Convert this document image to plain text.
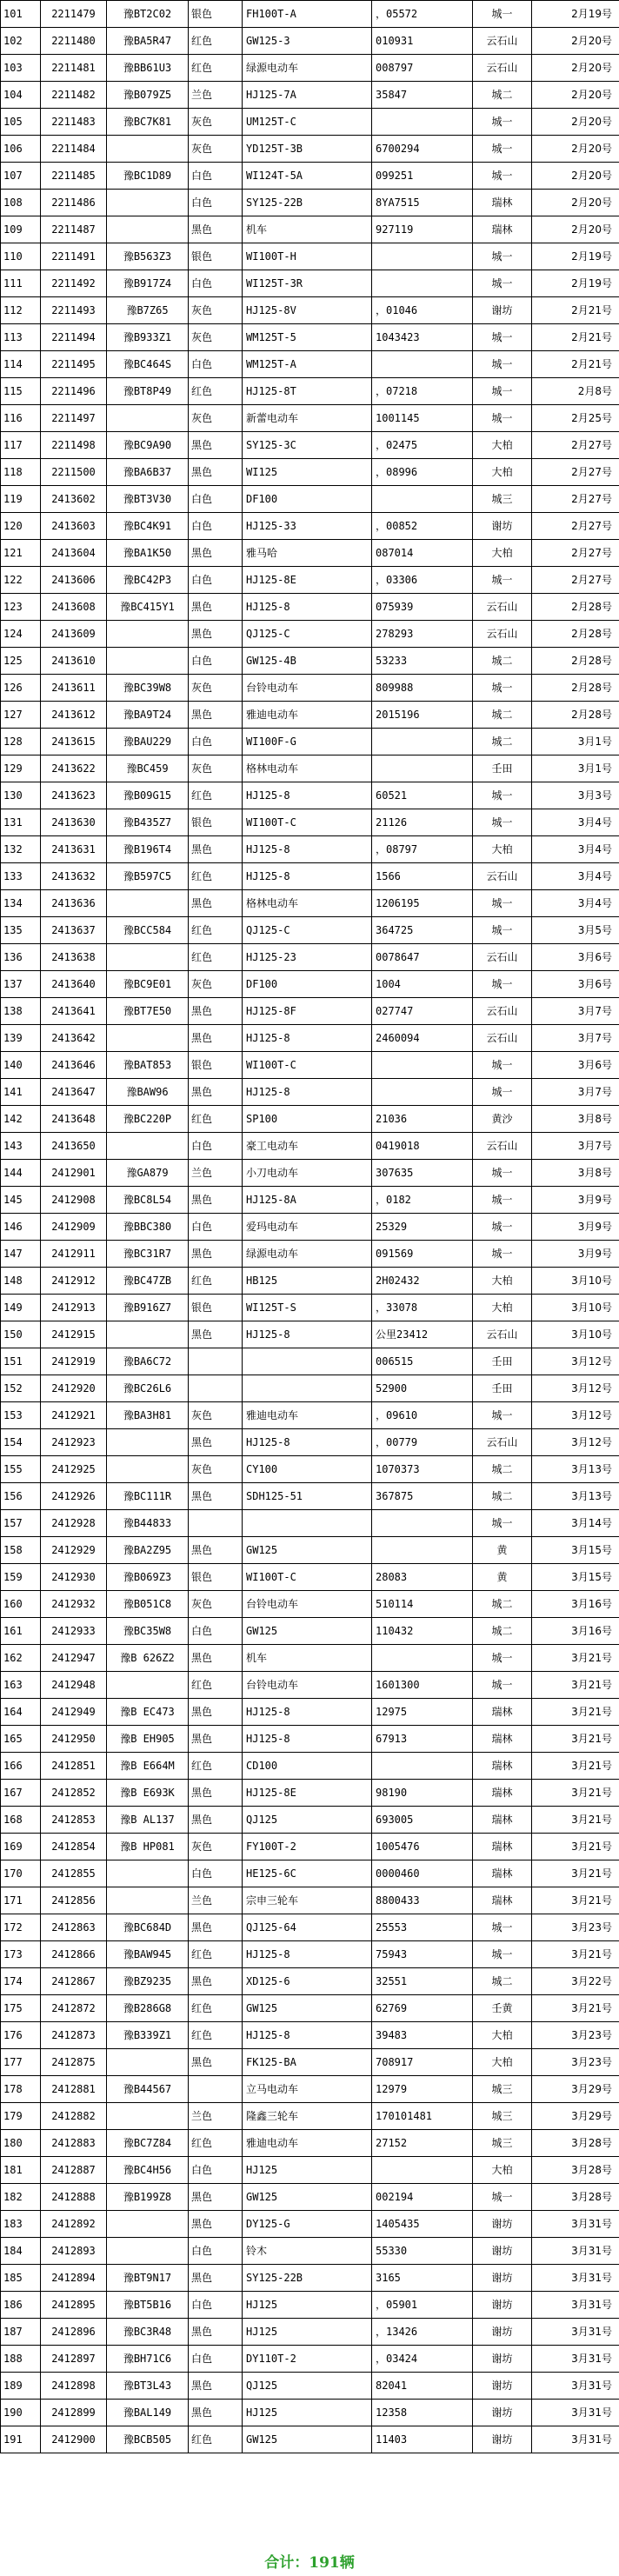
101	2211479	豫BT2C02	银色	FH100T-A	，05572	城一	2月19号
102	2211480	豫BA5R47	红色	GW125-3	010931	云石山	2月20号
103	2211481	豫BB61U3	红色	绿源电动车	008797	云石山	2月20号
104	2211482	豫B079Z5	兰色	HJ125-7A	35847	城二	2月20号
105	2211483	豫BC7K81	灰色	UM125T-C		城一	2月20号
106	2211484		灰色	YD125T-3B	6700294	城一	2月20号
107	2211485	豫BC1D89	白色	WI124T-5A	099251	城一	2月20号
108	2211486		白色	SY125-22B	8YA7515	瑞林	2月20号
109	2211487		黑色	机车	927119	瑞林	2月20号
110	2211491	豫B563Z3	银色	WI100T-H		城一	2月19号
111	2211492	豫B917Z4	白色	WI125T-3R		城一	2月19号
112	2211493	豫B7Z65	灰色	HJ125-8V	，01046	谢坊	2月21号
113	2211494	豫B933Z1	灰色	WM125T-5	1043423	城一	2月21号
114	2211495	豫BC464S	白色	WM125T-A		城一	2月21号
115	2211496	豫BT8P49	红色	HJ125-8T	，07218	城一	2月8号
116	2211497		灰色	新蕾电动车	1001145	城一	2月25号
117	2211498	豫BC9A90	黑色	SY125-3C	，02475	大柏	2月27号
118	2211500	豫BA6B37	黑色	WI125	，08996	大柏	2月27号
119	2413602	豫BT3V30	白色	DF100		城三	2月27号
120	2413603	豫BC4K91	白色	HJ125-33	，00852	谢坊	2月27号
121	2413604	豫BA1K50	黑色	雅马哈	087014	大柏	2月27号
122	2413606	豫BC42P3	白色	HJ125-8E	，03306	城一	2月27号
123	2413608	豫BC415Y1	黑色	HJ125-8	075939	云石山	2月28号
124	2413609		黑色	QJ125-C	278293	云石山	2月28号
125	2413610		白色	GW125-4B	53233	城二	2月28号
126	2413611	豫BC39W8	灰色	台铃电动车	809988	城一	2月28号
127	2413612	豫BA9T24	黑色	雅迪电动车	2015196	城二	2月28号
128	2413615	豫BAU229	白色	WI100F-G		城二	3月1号
129	2413622	豫BC459	灰色	格林电动车		壬田	3月1号
130	2413623	豫B09G15	红色	HJ125-8	60521	城一	3月3号
131	2413630	豫B435Z7	银色	WI100T-C	21126	城一	3月4号
132	2413631	豫B196T4	黑色	HJ125-8	，08797	大柏	3月4号
133	2413632	豫B597C5	红色	HJ125-8	1566	云石山	3月4号
134	2413636		黑色	格林电动车	1206195	城一	3月4号
135	2413637	豫BCC584	红色	QJ125-C	364725	城一	3月5号
136	2413638		红色	HJ125-23	0078647	云石山	3月6号
137	2413640	豫BC9E01	灰色	DF100	1004	城一	3月6号
138	2413641	豫BT7E50	黑色	HJ125-8F	027747	云石山	3月7号
139	2413642		黑色	HJ125-8	2460094	云石山	3月7号
140	2413646	豫BAT853	银色	WI100T-C		城一	3月6号
141	2413647	豫BAW96	黑色	HJ125-8		城一	3月7号
142	2413648	豫BC220P	红色	SP100	21036	黄沙	3月8号
143	2413650		白色	豪工电动车	0419018	云石山	3月7号
144	2412901	豫GA879	兰色	小刀电动车	307635	城一	3月8号
145	2412908	豫BC8L54	黑色	HJ125-8A	，0182	城一	3月9号
146	2412909	豫BBC380	白色	爱玛电动车	25329	城一	3月9号
147	2412911	豫BC31R7	黑色	绿源电动车	091569	城一	3月9号
148	2412912	豫BC47ZB	红色	HB125	2H02432	大柏	3月10号
149	2412913	豫B916Z7	银色	WI125T-S	，33078	大柏	3月10号
150	2412915		黑色	HJ125-8	公里23412	云石山	3月10号
151	2412919	豫BA6C72			006515	壬田	3月12号
152	2412920	豫BC26L6			52900	壬田	3月12号
153	2412921	豫BA3H81	灰色	雅迪电动车	，09610	城一	3月12号
154	2412923		黑色	HJ125-8	，00779	云石山	3月12号
155	2412925		灰色	CY100	1070373	城二	3月13号
156	2412926	豫BC111R	黑色	SDH125-51	367875	城二	3月13号
157	2412928	豫B44833				城一	3月14号
158	2412929	豫BA2Z95	黑色	GW125		黄	3月15号
159	2412930	豫B069Z3	银色	WI100T-C	28083	黄	3月15号
160	2412932	豫B051C8	灰色	台铃电动车	510114	城二	3月16号
161	2412933	豫BC35W8	白色	GW125	110432	城二	3月16号
162	2412947	豫B 626Z2	黑色	机车		城一	3月21号
163	2412948		红色	台铃电动车	1601300	城一	3月21号
164	2412949	豫B EC473	黑色	HJ125-8	12975	瑞林	3月21号
165	2412950	豫B EH905	黑色	HJ125-8	67913	瑞林	3月21号
166	2412851	豫B E664M	红色	CD100		瑞林	3月21号
167	2412852	豫B E693K	黑色	HJ125-8E	98190	瑞林	3月21号
168	2412853	豫B AL137	黑色	QJ125	693005	瑞林	3月21号
169	2412854	豫B HP081	灰色	FY100T-2	1005476	瑞林	3月21号
170	2412855		白色	HE125-6C	0000460	瑞林	3月21号
171	2412856		兰色	宗申三轮车	8800433	瑞林	3月21号
172	2412863	豫BC684D	黑色	QJ125-64	25553	城一	3月23号
173	2412866	豫BAW945	红色	HJ125-8	75943	城一	3月21号
174	2412867	豫BZ9235	黑色	XD125-6	32551	城二	3月22号
175	2412872	豫B286G8	红色	GW125	62769	壬黄	3月21号
176	2412873	豫B339Z1	红色	HJ125-8	39483	大柏	3月23号
177	2412875		黑色	FK125-BA	708917	大柏	3月23号
178	2412881	豫B44567		立马电动车	12979	城三	3月29号
179	2412882		兰色	隆鑫三轮车	170101481	城三	3月29号
180	2412883	豫BC7Z84	红色	雅迪电动车	27152	城三	3月28号
181	2412887	豫BC4H56	白色	HJ125		大柏	3月28号
182	2412888	豫B199Z8	黑色	GW125	002194	城一	3月28号
183	2412892		黑色	DY125-G	1405435	谢坊	3月31号
184	2412893		白色	铃木	55330	谢坊	3月31号
185	2412894	豫BT9N17	黑色	SY125-22B	3165	谢坊	3月31号
186	2412895	豫BT5B16	白色	HJ125	，05901	谢坊	3月31号
187	2412896	豫BC3R48	黑色	HJ125	，13426	谢坊	3月31号
188	2412897	豫BH71C6	白色	DY110T-2	，03424	谢坊	3月31号
189	2412898	豫BT3L43	黑色	QJ125	82041	谢坊	3月31号
190	2412899	豫BAL149	黑色	HJ125	12358	谢坊	3月31号
191	2412900	豫BCB505	红色	GW125	11403	谢坊	3月31号
合计：191辆
